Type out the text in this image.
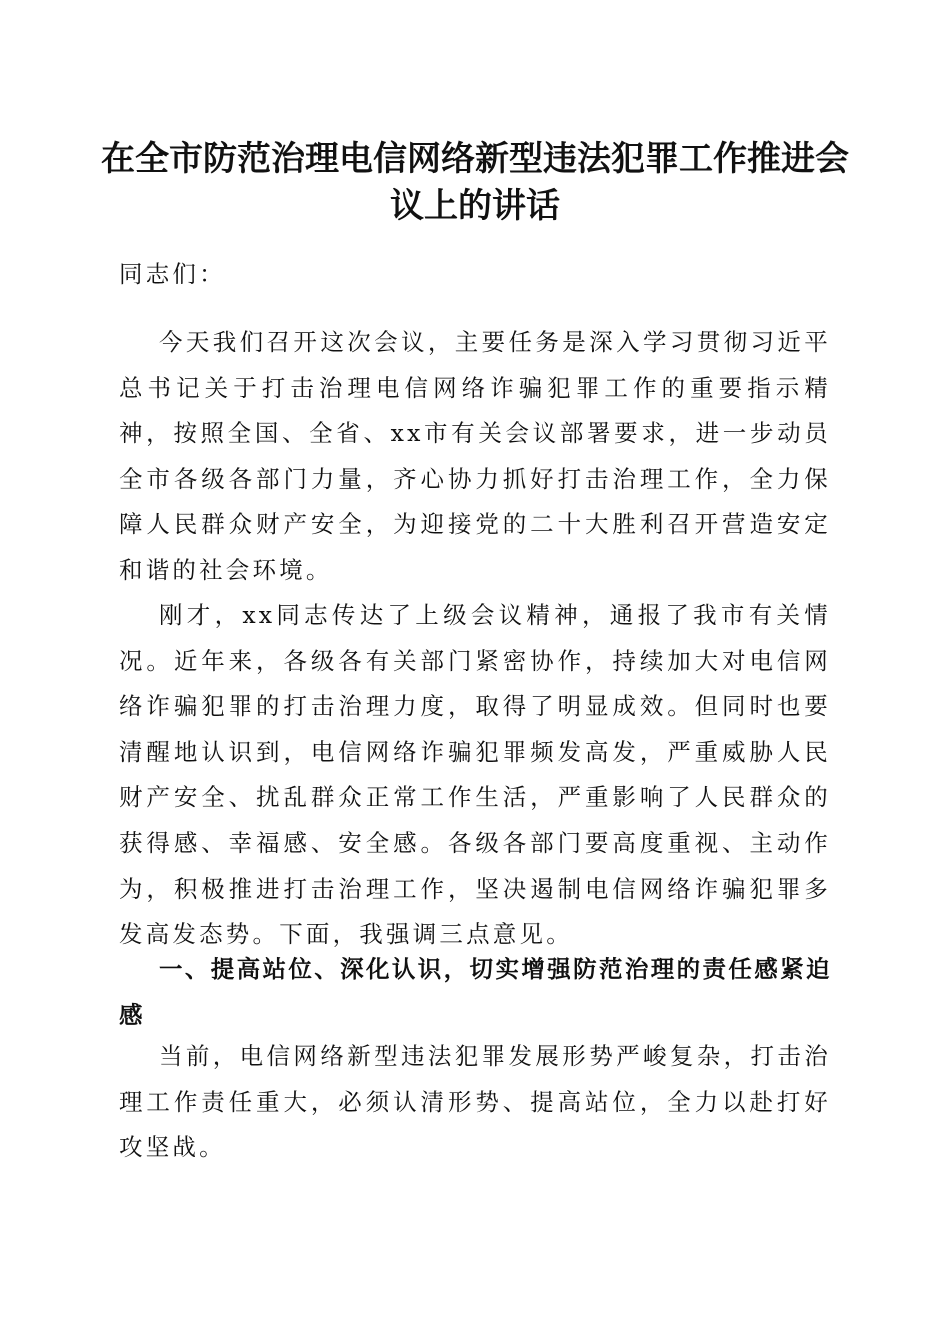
在全市防范治理电信网络新型违法犯罪工作推进会议上的讲话

同志们：

今天我们召开这次会议，主要任务是深入学习贯彻习近平总书记关于打击治理电信网络诈骗犯罪工作的重要指示精神，按照全国、全省、xx市有关会议部署要求，进一步动员全市各级各部门力量，齐心协力抓好打击治理工作，全力保障人民群众财产安全，为迎接党的二十大胜利召开营造安定和谐的社会环境。

刚才，xx同志传达了上级会议精神，通报了我市有关情况。近年来，各级各有关部门紧密协作，持续加大对电信网络诈骗犯罪的打击治理力度，取得了明显成效。但同时也要清醒地认识到，电信网络诈骗犯罪频发高发，严重威胁人民财产安全、扰乱群众正常工作生活，严重影响了人民群众的获得感、幸福感、安全感。各级各部门要高度重视、主动作为，积极推进打击治理工作，坚决遏制电信网络诈骗犯罪多发高发态势。下面，我强调三点意见。

一、提高站位、深化认识，切实增强防范治理的责任感紧迫感

当前，电信网络新型违法犯罪发展形势严峻复杂，打击治理工作责任重大，必须认清形势、提高站位，全力以赴打好攻坚战。
